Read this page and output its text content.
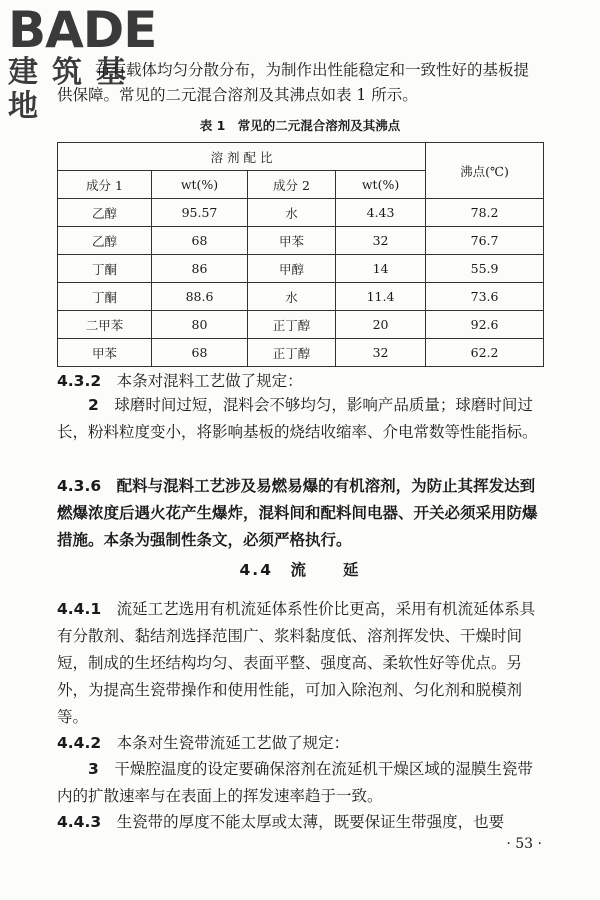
BADE
建筑基地

布有载体均匀分散分布，为制作出性能稳定和一致性好的基板提供保障。常见的二元混合溶剂及其沸点如表 1 所示。

表 1　常见的二元混合溶剂及其沸点
溶 剂 配 比				沸点(℃)
成分 1	wt(%)	成分 2	wt(%)	
乙醇	95.57	水	4.43	78.2
乙醇	68	甲苯	32	76.7
丁酮	86	甲醇	14	55.9
丁酮	88.6	水	11.4	73.6
二甲苯	80	正丁醇	20	92.6
甲苯	68	正丁醇	32	62.2

4.3.2　 本条对混料工艺做了规定：

2　 球磨时间过短，混料会不够均匀，影响产品质量；球磨时间过长，粉料粒度变小，将影响基板的烧结收缩率、介电常数等性能指标。

4.3.6　 配料与混料工艺涉及易燃易爆的有机溶剂，为防止其挥发达到燃爆浓度后遇火花产生爆炸，混料间和配料间电器、开关必须采用防爆措施。本条为强制性条文，必须严格执行。

4.4　流　　延

4.4.1　 流延工艺选用有机流延体系性价比更高，采用有机流延体系具有分散剂、黏结剂选择范围广、浆料黏度低、溶剂挥发快、干燥时间短，制成的生坯结构均匀、表面平整、强度高、柔软性好等优点。另外，为提高生瓷带操作和使用性能，可加入除泡剂、匀化剂和脱模剂等。

4.4.2　 本条对生瓷带流延工艺做了规定：

3　 干燥腔温度的设定要确保溶剂在流延机干燥区域的湿膜生瓷带内的扩散速率与在表面上的挥发速率趋于一致。

4.4.3　 生瓷带的厚度不能太厚或太薄，既要保证生带强度，也要

· 53 ·
